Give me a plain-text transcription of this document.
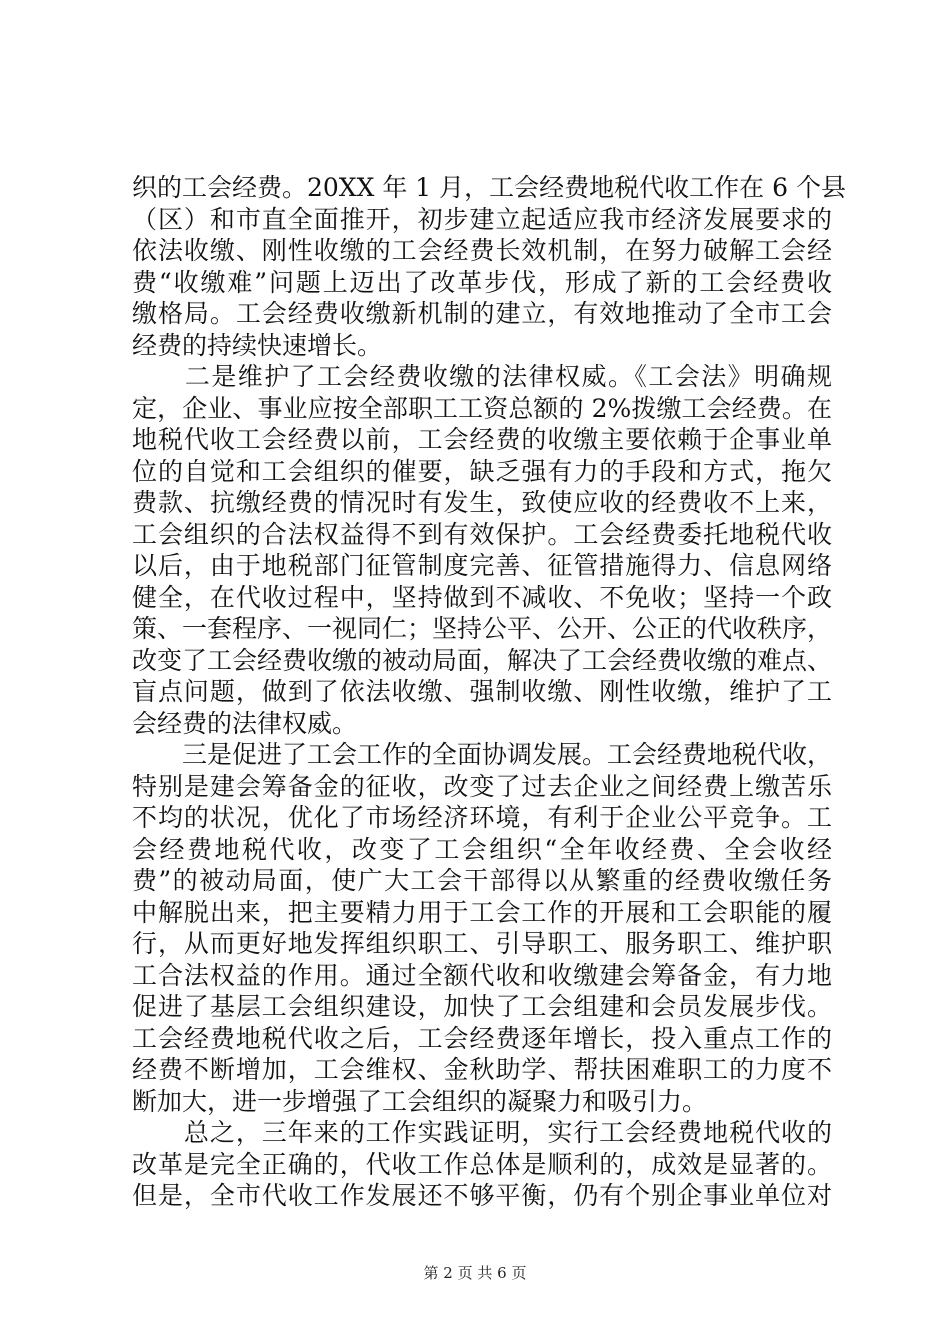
织的工会经费。20XX 年 1 月，工会经费地税代收工作在 6 个县
（区）和市直全面推开，初步建立起适应我市经济发展要求的
依法收缴、刚性收缴的工会经费长效机制，在努力破解工会经
费“收缴难”问题上迈出了改革步伐，形成了新的工会经费收
缴格局。工会经费收缴新机制的建立，有效地推动了全市工会
经费的持续快速增长。
　　二是维护了工会经费收缴的法律权威。《工会法》明确规
定，企业、事业应按全部职工工资总额的 2%拨缴工会经费。在
地税代收工会经费以前，工会经费的收缴主要依赖于企事业单
位的自觉和工会组织的催要，缺乏强有力的手段和方式，拖欠
费款、抗缴经费的情况时有发生，致使应收的经费收不上来，
工会组织的合法权益得不到有效保护。工会经费委托地税代收
以后，由于地税部门征管制度完善、征管措施得力、信息网络
健全，在代收过程中，坚持做到不减收、不免收；坚持一个政
策、一套程序、一视同仁；坚持公平、公开、公正的代收秩序，
改变了工会经费收缴的被动局面，解决了工会经费收缴的难点、
盲点问题，做到了依法收缴、强制收缴、刚性收缴，维护了工
会经费的法律权威。
　　三是促进了工会工作的全面协调发展。工会经费地税代收，
特别是建会筹备金的征收，改变了过去企业之间经费上缴苦乐
不均的状况，优化了市场经济环境，有利于企业公平竞争。工
会经费地税代收，改变了工会组织“全年收经费、全会收经
费”的被动局面，使广大工会干部得以从繁重的经费收缴任务
中解脱出来，把主要精力用于工会工作的开展和工会职能的履
行，从而更好地发挥组织职工、引导职工、服务职工、维护职
工合法权益的作用。通过全额代收和收缴建会筹备金，有力地
促进了基层工会组织建设，加快了工会组建和会员发展步伐。
工会经费地税代收之后，工会经费逐年增长，投入重点工作的
经费不断增加，工会维权、金秋助学、帮扶困难职工的力度不
断加大，进一步增强了工会组织的凝聚力和吸引力。
　　总之，三年来的工作实践证明，实行工会经费地税代收的
改革是完全正确的，代收工作总体是顺利的，成效是显著的。
但是，全市代收工作发展还不够平衡，仍有个别企事业单位对
第 2 页 共 6 页
